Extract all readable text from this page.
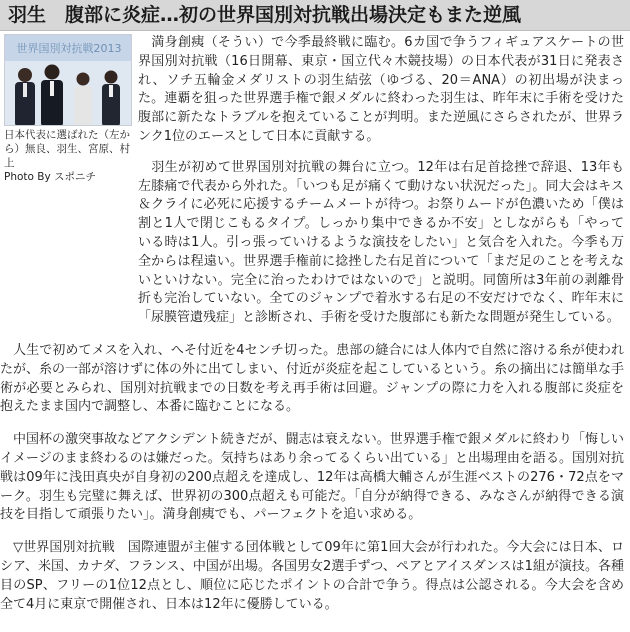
羽生　腹部に炎症…初の世界国別対抗戦出場決定もまた逆風
世界国別対抗戦2013
日本代表に選ばれた（左から）無良、羽生、宮原、村上
Photo By スポニチ

　満身創痍（そうい）で今季最終戦に臨む。6カ国で争うフィギュアスケートの世界国別対抗戦（16日開幕、東京・国立代々木競技場）の日本代表が31日に発表され、ソチ五輪金メダリストの羽生結弦（ゆづる、20＝ANA）の初出場が決まった。連覇を狙った世界選手権で銀メダルに終わった羽生は、昨年末に手術を受けた腹部に新たなトラブルを抱えていることが判明。また逆風にさらされたが、世界ランク1位のエースとして日本に貢献する。

　羽生が初めて世界国別対抗戦の舞台に立つ。12年は右足首捻挫で辞退、13年も左膝痛で代表から外れた。「いつも足が痛くて動けない状況だった」。同大会はキス＆クライに必死に応援するチームメートが待つ。お祭りムードが色濃いため「僕は割と1人で閉じこもるタイプ。しっかり集中できるか不安」としながらも「やっている時は1人。引っ張っていけるような演技をしたい」と気合を入れた。今季も万全からは程遠い。世界選手権前に捻挫した右足首について「まだ足のことを考えないといけない。完全に治ったわけではないので」と説明。同箇所は3年前の剥離骨折も完治していない。全てのジャンプで着氷する右足の不安だけでなく、昨年末に「尿膜管遺残症」と診断され、手術を受けた腹部にも新たな問題が発生している。

　人生で初めてメスを入れ、へそ付近を4センチ切った。患部の縫合には人体内で自然に溶ける糸が使われたが、糸の一部が溶けずに体の外に出てしまい、付近が炎症を起こしているという。糸の摘出には簡単な手術が必要とみられ、国別対抗戦までの日数を考え再手術は回避。ジャンプの際に力を入れる腹部に炎症を抱えたまま国内で調整し、本番に臨むことになる。

　中国杯の激突事故などアクシデント続きだが、闘志は衰えない。世界選手権で銀メダルに終わり「悔しいイメージのまま終わるのは嫌だった。気持ちはあり余ってるくらい出ている」と出場理由を語る。国別対抗戦は09年に浅田真央が自身初の200点超えを達成し、12年は高橋大輔さんが生涯ベストの276・72点をマーク。羽生も完璧に舞えば、世界初の300点超えも可能だ。「自分が納得できる、みなさんが納得できる演技を目指して頑張りたい」。満身創痍でも、パーフェクトを追い求める。

　▽世界国別対抗戦　国際連盟が主催する団体戦として09年に第1回大会が行われた。今大会には日本、ロシア、米国、カナダ、フランス、中国が出場。各国男女2選手ずつ、ペアとアイスダンスは1組が演技。各種目のSP、フリーの1位12点とし、順位に応じたポイントの合計で争う。得点は公認される。今大会を含め全て4月に東京で開催され、日本は12年に優勝している。
